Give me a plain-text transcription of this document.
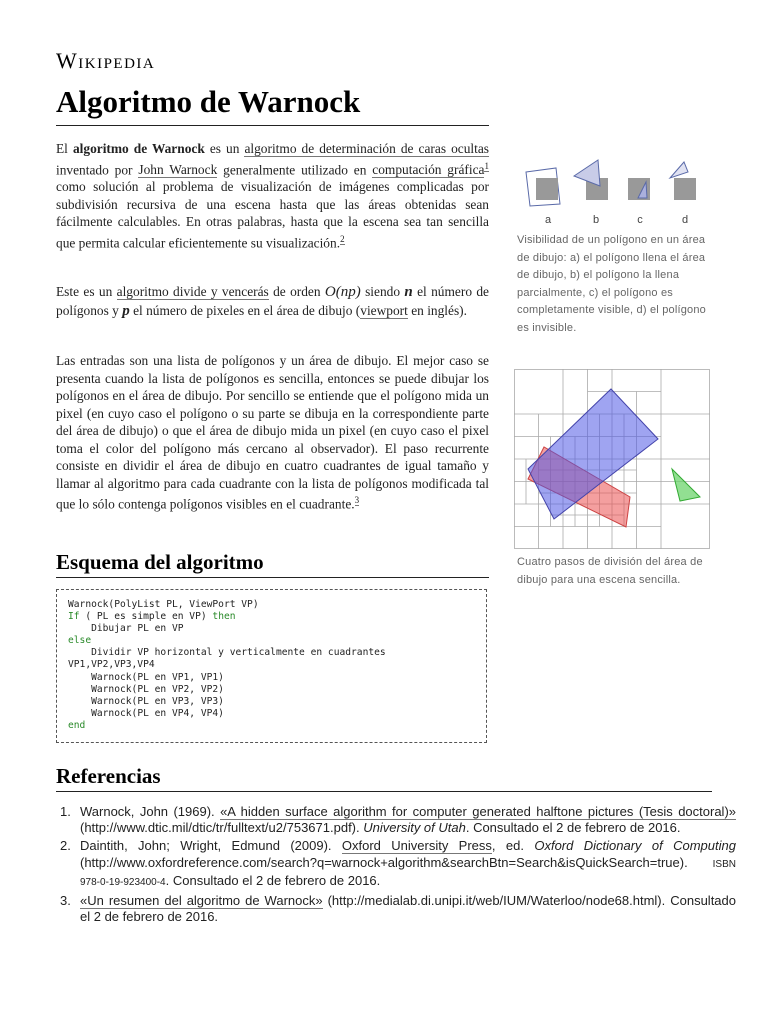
Wikipedia
Algoritmo de Warnock

El algoritmo de Warnock es un algoritmo de determinación de caras ocultas inventado por John Warnock generalmente utilizado en computación gráfica$^1$ como solución al problema de visualización de imágenes complicadas por subdivisión recursiva de una escena hasta que las áreas obtenidas sean fácilmente calculables. En otras palabras, hasta que la escena sea tan sencilla que permita calcular eficientemente su visualización.$^2$

Este es un algoritmo divide y vencerás de orden O(np) siendo n el número de polígonos y p el número de pixeles en el área de dibujo (viewport en inglés).

Las entradas son una lista de polígonos y un área de dibujo. El mejor caso se presenta cuando la lista de polígonos es sencilla, entonces se puede dibujar los polígonos en el área de dibujo. Por sencillo se entiende que el polígono mida un pixel (en cuyo caso el polígono o su parte se dibuja en la correspondiente parte del área de dibujo) o que el área de dibujo mida un pixel (en cuyo caso el pixel toma el color del polígono más cercano al observador). El paso recurrente consiste en dividir el área de dibujo en cuatro cuadrantes de igual tamaño y llamar al algoritmo para cada cuadrante con la lista de polígonos modificada tal que lo sólo contenga polígonos visibles en el cuadrante.$^3$

a	b	c	d
Visibilidad de un polígono en un área de dibujo: a) el polígono llena el área de dibujo, b) el polígono la llena parcialmente, c) el polígono es completamente visible, d) el polígono es invisible.
Cuatro pasos de división del área de dibujo para una escena sencilla.
Esquema del algoritmo
Warnock(PolyList PL, ViewPort VP)
If ( PL es simple en VP) then
Dibujar PL en VP
else
Dividir VP horizontal y verticalmente en cuadrantes VP1,VP2,VP3,VP4
Warnock(PL en VP1, VP1)
Warnock(PL en VP2, VP2)
Warnock(PL en VP3, VP3)
Warnock(PL en VP4, VP4)
end
Referencias
1. Warnock, John (1969). «A hidden surface algorithm for computer generated halftone pictures (Tesis doctoral)» (http://www.dtic.mil/dtic/tr/fulltext/u2/753671.pdf). University of Utah. Consultado el 2 de febrero de 2016.
2. Daintith, John; Wright, Edmund (2009). Oxford University Press, ed. Oxford Dictionary of Computing (http://www.oxfordreference.com/search?q=warnock+algorithm&searchBtn=Search&isQuickSearch=true). ISBN 978-0-19-923400-4. Consultado el 2 de febrero de 2016.
3. «Un resumen del algoritmo de Warnock» (http://medialab.di.unipi.it/web/IUM/Waterloo/node68.html). Consultado el 2 de febrero de 2016.
